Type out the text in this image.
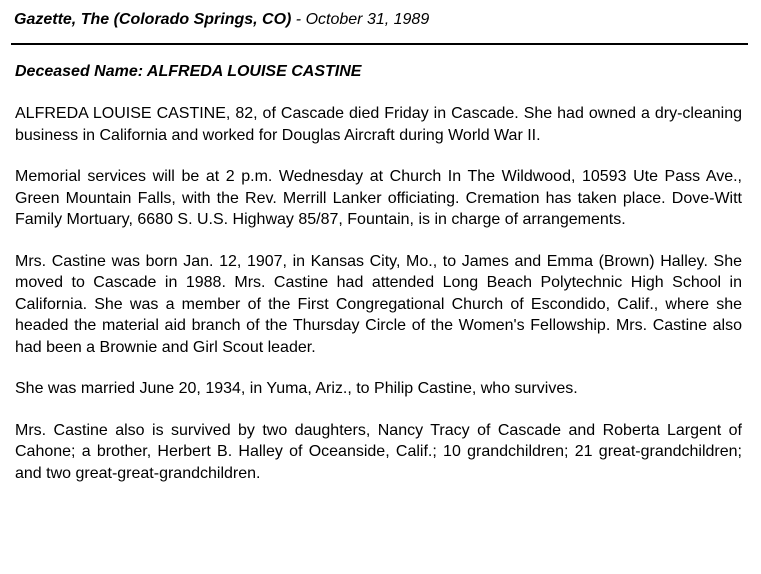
Gazette, The (Colorado Springs, CO) - October 31, 1989
Deceased Name: ALFREDA LOUISE CASTINE

ALFREDA LOUISE CASTINE, 82, of Cascade died Friday in Cascade. She had owned a dry-cleaning business in California and worked for Douglas Aircraft during World War II.

Memorial services will be at 2 p.m. Wednesday at Church In The Wildwood, 10593 Ute Pass Ave., Green Mountain Falls, with the Rev. Merrill Lanker officiating. Cremation has taken place. Dove-Witt Family Mortuary, 6680 S. U.S. Highway 85/87, Fountain, is in charge of arrangements.

Mrs. Castine was born Jan. 12, 1907, in Kansas City, Mo., to James and Emma (Brown) Halley. She moved to Cascade in 1988. Mrs. Castine had attended Long Beach Polytechnic High School in California. She was a member of the First Congregational Church of Escondido, Calif., where she headed the material aid branch of the Thursday Circle of the Women's Fellowship. Mrs. Castine also had been a Brownie and Girl Scout leader.

She was married June 20, 1934, in Yuma, Ariz., to Philip Castine, who survives.

Mrs. Castine also is survived by two daughters, Nancy Tracy of Cascade and Roberta Largent of Cahone; a brother, Herbert B. Halley of Oceanside, Calif.; 10 grandchildren; 21 great-grandchildren; and two great-great-grandchildren.
